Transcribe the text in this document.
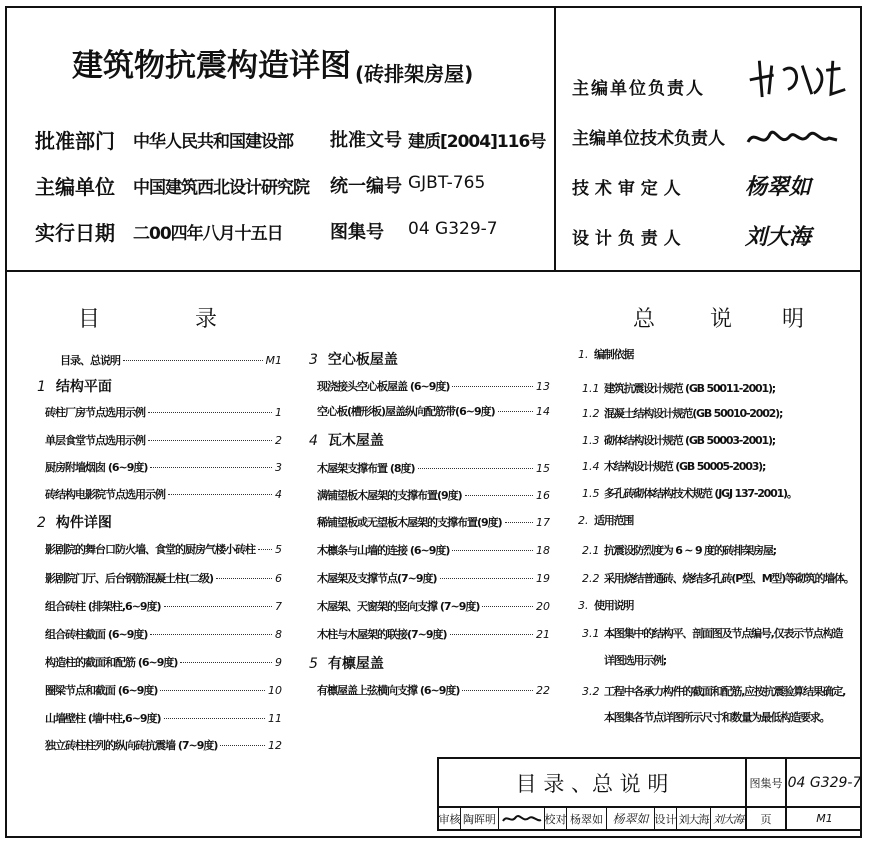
建筑物抗震构造详图 (砖排架房屋)
批准部门 中华人民共和国建设部 批准文号 建质[2004]116号
主编单位 中国建筑西北设计研究院 统一编号 GJBT-765
实行日期 二00四年八月十五日	图集号 04 G329-7
主编单位负责人
主编单位技术负责人
技 术 审 定 人	杨翠如
设 计 负 责 人	刘大海
目	录
目录、总说明	M1
1 结构平面
砖柱厂房节点选用示例	1
单层食堂节点选用示例	2
厨房附墙烟囱 (6~9度)	3
砖结构电影院节点选用示例	4
2 构件详图
影剧院的舞台口防火墙、食堂的厨房气楼小砖柱 5
影剧院门厅、后台钢筋混凝土柱(二级)	6
组合砖柱 (排架柱,6~9度)	7
组合砖柱截面 (6~9度)	8
构造柱的截面和配筋 (6~9度)	9
圈梁节点和截面 (6~9度)	10
山墙壁柱 (墙中柱,6~9度)	11
独立砖柱柱列的纵向砖抗震墙 (7~9度)	12
3 空心板屋盖
现浇接头空心板屋盖 (6~9度)	13
空心板(槽形板)屋盖纵向配筋带(6~9度)	14
4 瓦木屋盖
木屋架支撑布置 (8度)	15
满铺望板木屋架的支撑布置(9度)	16
稀铺望板或无望板木屋架的支撑布置(9度)	17
木檩条与山墙的连接 (6~9度)	18
木屋架及支撑节点(7~9度)	19
木屋架、天窗架的竖向支撑 (7~9度)	20
木柱与木屋架的联接(7~9度)	21
5 有檩屋盖
有檩屋盖上弦横向支撑 (6~9度)	22
总 说 明
1. 编制依据
1.1 建筑抗震设计规范 (GB 50011-2001);
1.2 混凝土结构设计规范(GB 50010-2002);
1.3 砌体结构设计规范 (GB 50003-2001);
1.4 木结构设计规范 (GB 50005-2003);
1.5 多孔砖砌体结构技术规范 (JGJ 137-2001)。
2. 适用范围
2.1 抗震设防烈度为 6 ~ 9 度的砖排架房屋;
2.2 采用烧结普通砖、烧结多孔砖(P型、M型)等砌筑的墙体。
3. 使用说明
3.1 本图集中的结构平、剖面图及节点编号,仅表示节点构造
详图选用示例;
3.2 工程中各承力构件的截面和配筋,应按抗震验算结果确定,
本图集各节点详图所示尺寸和数量为最低构造要求。
目 录 、总 说 明	图集号 04 G329-7
审核 陶晖明	校对 杨翠如 杨翠如 设计 刘大海 刘大海	页	M1
